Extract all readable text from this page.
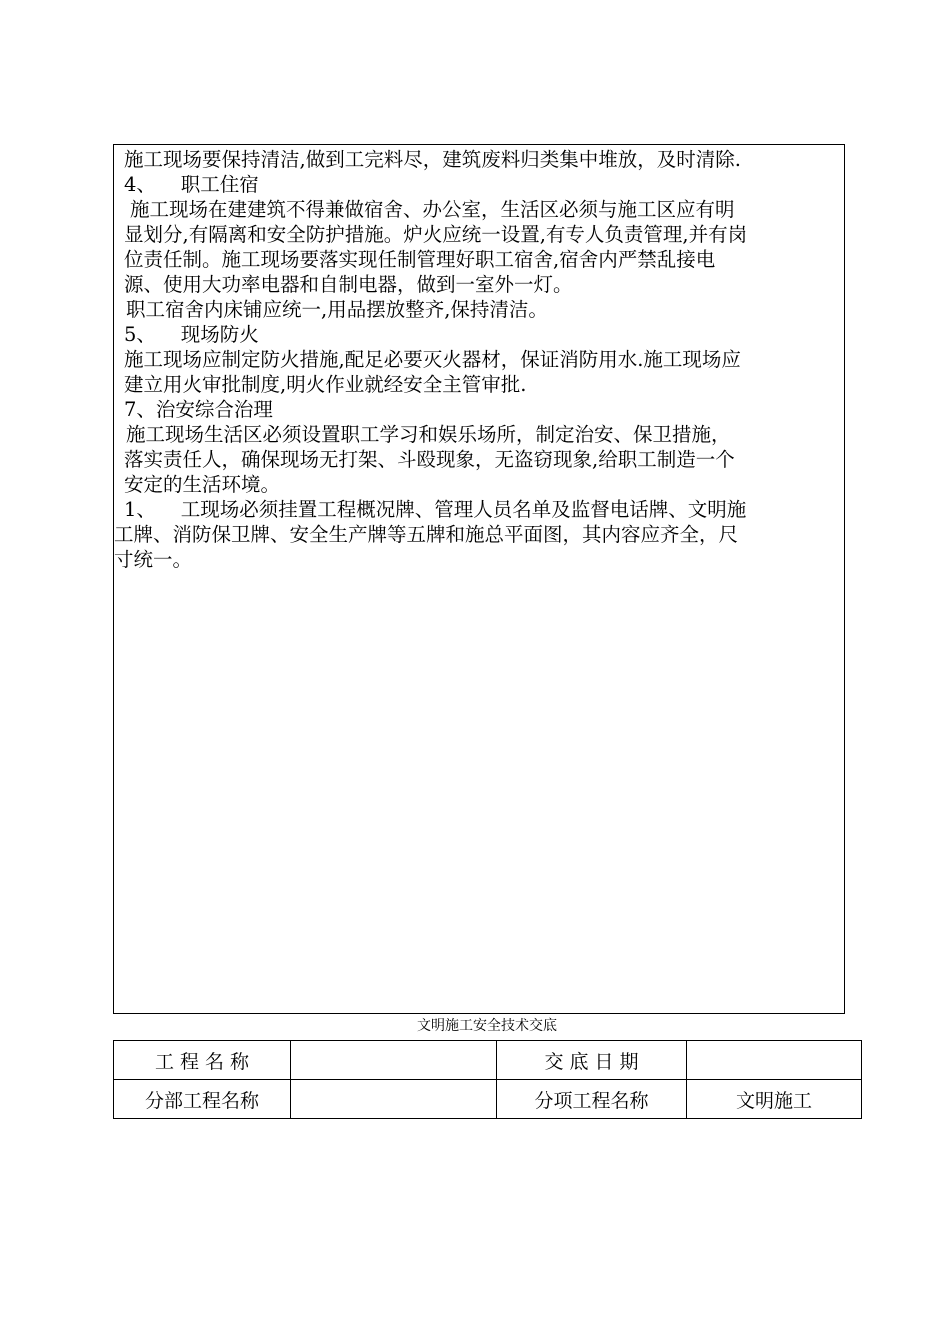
施工现场要保持清洁,做到工完料尽，建筑废料归类集中堆放，及时清除.

4、    职工住宿

施工现场在建建筑不得兼做宿舍、办公室，生活区必须与施工区应有明

显划分,有隔离和安全防护措施。炉火应统一设置,有专人负责管理,并有岗

位责任制。施工现场要落实现任制管理好职工宿舍,宿舍内严禁乱接电

源、使用大功率电器和自制电器，做到一室外一灯。

职工宿舍内床铺应统一,用品摆放整齐,保持清洁。

5、    现场防火

施工现场应制定防火措施,配足必要灭火器材，保证消防用水.施工现场应

建立用火审批制度,明火作业就经安全主管审批.

7、治安综合治理

施工现场生活区必须设置职工学习和娱乐场所，制定治安、保卫措施，

落实责任人，确保现场无打架、斗殴现象，无盗窃现象,给职工制造一个

安定的生活环境。

1、    工现场必须挂置工程概况牌、管理人员名单及监督电话牌、文明施

工牌、消防保卫牌、安全生产牌等五牌和施总平面图，其内容应齐全，尺

寸统一。

文明施工安全技术交底
工 程 名 称		交 底 日 期	
分部工程名称		分项工程名称	文明施工
